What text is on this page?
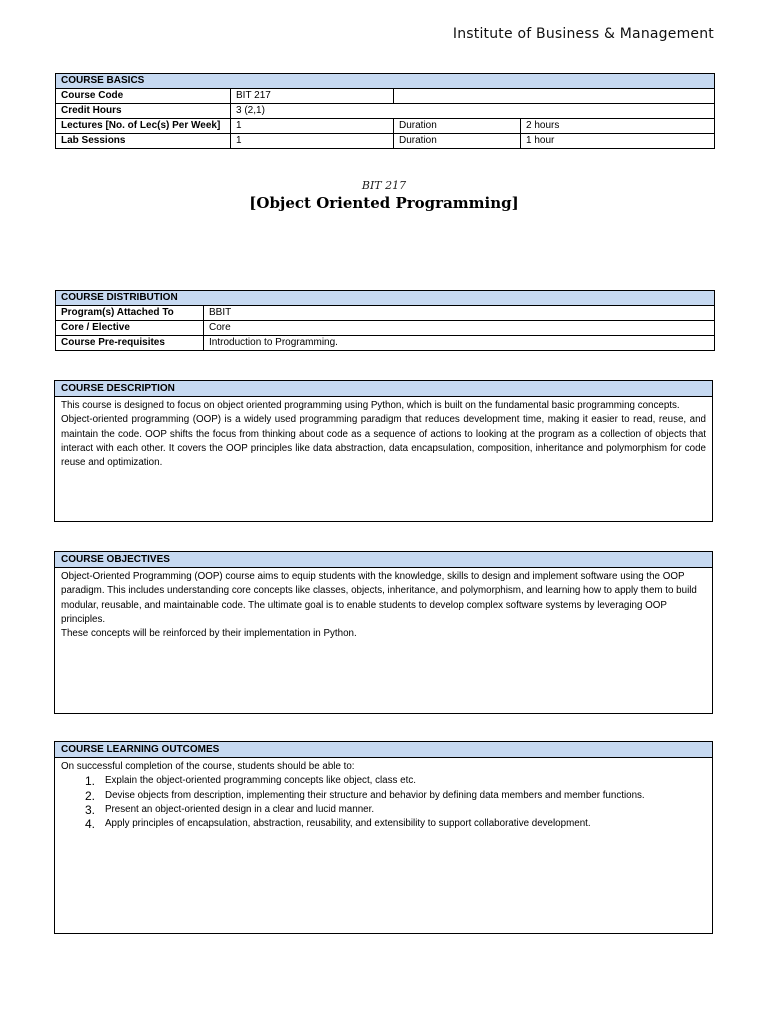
Institute of Business & Management
COURSE BASICS			
Course Code	BIT 217		
Credit Hours	3 (2,1)		
Lectures [No. of Lec(s) Per Week]	1	Duration	2 hours
Lab Sessions	1	Duration	1 hour
BIT 217
[Object Oriented Programming]
COURSE DISTRIBUTION	
Program(s) Attached To	BBIT
Core / Elective	Core
Course Pre-requisites	Introduction to Programming.
COURSE DESCRIPTION

This course is designed to focus on object oriented programming using Python, which is built on the fundamental basic programming concepts.

Object-oriented programming (OOP) is a widely used programming paradigm that reduces development time, making it easier to read, reuse, and maintain the code. OOP shifts the focus from thinking about code as a sequence of actions to looking at the program as a collection of objects that interact with each other. It covers the OOP principles like data abstraction, data encapsulation, composition, inheritance and polymorphism for code reuse and optimization.

COURSE OBJECTIVES

Object-Oriented Programming (OOP) course aims to equip students with the knowledge, skills to design and implement software using the OOP paradigm. This includes understanding core concepts like classes, objects, inheritance, and polymorphism, and learning how to apply them to build modular, reusable, and maintainable code. The ultimate goal is to enable students to develop complex software systems by leveraging OOP principles.

These concepts will be reinforced by their implementation in Python.

COURSE LEARNING OUTCOMES

On successful completion of the course, students should be able to:

1.	Explain the object-oriented programming concepts like object, class etc.
2.	Devise objects from description, implementing their structure and behavior by defining data members and member functions.
3.	Present an object-oriented design in a clear and lucid manner.
4.	Apply principles of encapsulation, abstraction, reusability, and extensibility to support collaborative development.
